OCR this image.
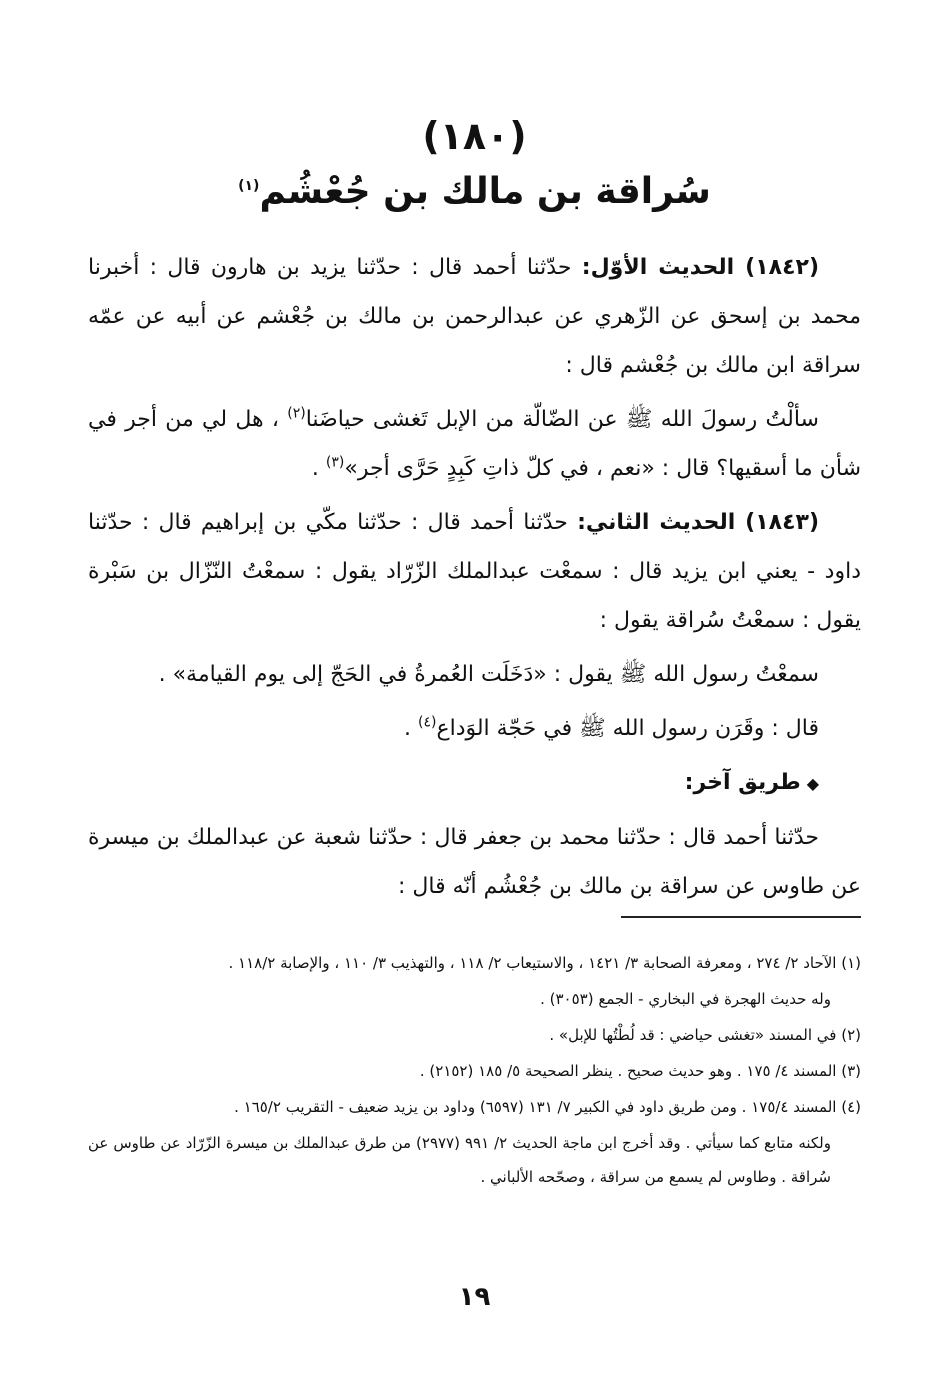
(١٨٠)
سُراقة بن مالك بن جُعْشُم$^{(١)}$

(١٨٤٢) الحديث الأوّل: حدّثنا أحمد قال : حدّثنا يزيد بن هارون قال : أخبرنا محمد بن إسحق عن الزّهري عن عبدالرحمن بن مالك بن جُعْشم عن أبيه عن عمّه سراقة ابن مالك بن جُعْشم قال :

سألْتُ رسولَ الله ﷺ عن الضّالّة من الإبل تَغشى حياضَنا$^{(٢)}$ ، هل لي من أجر في شأن ما أسقيها؟ قال : «نعم ، في كلّ ذاتِ كَبِدٍ حَرَّى أجر»$^{(٣)}$ .

(١٨٤٣) الحديث الثاني: حدّثنا أحمد قال : حدّثنا مكّي بن إبراهيم قال : حدّثنا داود - يعني ابن يزيد قال : سمعْت عبدالملك الزّرّاد يقول : سمعْتُ النّزّال بن سَبْرة يقول : سمعْتُ سُراقة يقول :

سمعْتُ رسول الله ﷺ يقول : «دَخَلَت العُمرةُ في الحَجّ إلى يوم القيامة» .

قال : وقَرَن رسول الله ﷺ في حَجّة الوَداع$^{(٤)}$ .

◆طريق آخر:

حدّثنا أحمد قال : حدّثنا محمد بن جعفر قال : حدّثنا شعبة عن عبدالملك بن ميسرة عن طاوس عن سراقة بن مالك بن جُعْشُم أنّه قال :

(١) الآحاد ٢/ ٢٧٤ ، ومعرفة الصحابة ٣/ ١٤٢١ ، والاستيعاب ٢/ ١١٨ ، والتهذيب ٣/ ١١٠ ، والإصابة ١١٨/٢ .

وله حديث الهجرة في البخاري - الجمع (٣٠٥٣) .

(٢) في المسند «تغشى حياضي : قد لُطْتُها للإبل» .

(٣) المسند ٤/ ١٧٥ . وهو حديث صحيح . ينظر الصحيحة ٥/ ١٨٥ (٢١٥٢) .

(٤) المسند ١٧٥/٤ . ومن طريق داود في الكبير ٧/ ١٣١ (٦٥٩٧) وداود بن يزيد ضعيف - التقريب ١٦٥/٢ .

ولكنه متابع كما سيأتي . وقد أخرج ابن ماجة الحديث ٢/ ٩٩١ (٢٩٧٧) من طرق عبدالملك بن ميسرة الزّرّاد عن طاوس عن سُراقة . وطاوس لم يسمع من سراقة ، وصحّحه الألباني .

١٩
